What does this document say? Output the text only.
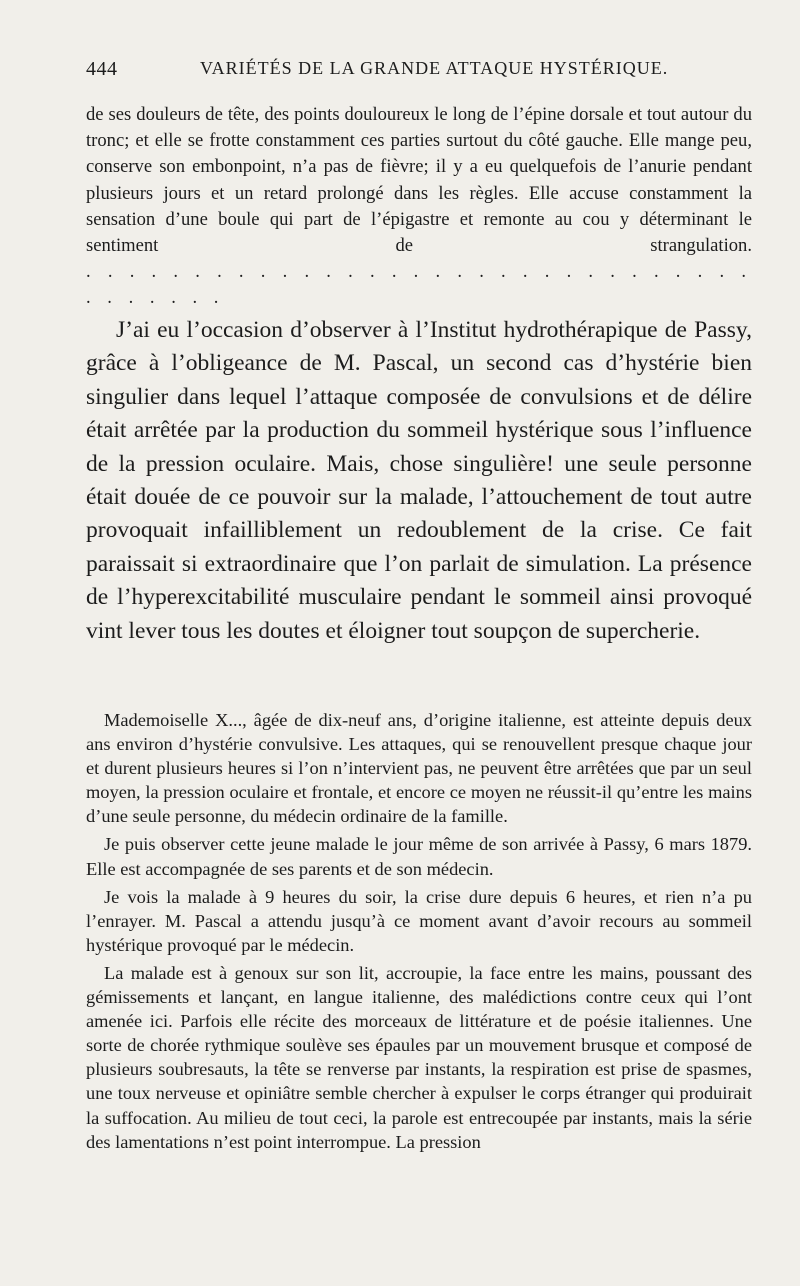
444	VARIÉTÉS DE LA GRANDE ATTAQUE HYSTÉRIQUE.

de ses douleurs de tête, des points douloureux le long de l’épine dorsale et tout autour du tronc; et elle se frotte constamment ces parties surtout du côté gauche. Elle mange peu, conserve son embonpoint, n’a pas de fièvre; il y a eu quelquefois de l’anurie pendant plusieurs jours et un retard prolongé dans les règles. Elle accuse constamment la sensation d’une boule qui part de l’épigastre et remonte au cou y déterminant le sentiment de strangulation. . . . . . . . . . . . . . . . . . . . . . . . . . . . . . . . . . . . . . .

J’ai eu l’occasion d’observer à l’Institut hydrothérapique de Passy, grâce à l’obligeance de M. Pascal, un second cas d’hystérie bien singulier dans lequel l’attaque composée de convulsions et de délire était arrêtée par la production du sommeil hystérique sous l’influence de la pression oculaire. Mais, chose singulière! une seule personne était douée de ce pouvoir sur la malade, l’attouchement de tout autre provoquait infailliblement un redoublement de la crise. Ce fait paraissait si extraordinaire que l’on parlait de simulation. La présence de l’hyperexcitabilité musculaire pendant le sommeil ainsi provoqué vint lever tous les doutes et éloigner tout soupçon de supercherie.

Mademoiselle X..., âgée de dix-neuf ans, d’origine italienne, est atteinte depuis deux ans environ d’hystérie convulsive. Les attaques, qui se renouvellent presque chaque jour et durent plusieurs heures si l’on n’intervient pas, ne peuvent être arrêtées que par un seul moyen, la pression oculaire et frontale, et encore ce moyen ne réussit-il qu’entre les mains d’une seule personne, du médecin ordinaire de la famille.

Je puis observer cette jeune malade le jour même de son arrivée à Passy, 6 mars 1879. Elle est accompagnée de ses parents et de son médecin.

Je vois la malade à 9 heures du soir, la crise dure depuis 6 heures, et rien n’a pu l’enrayer. M. Pascal a attendu jusqu’à ce moment avant d’avoir recours au sommeil hystérique provoqué par le médecin.

La malade est à genoux sur son lit, accroupie, la face entre les mains, poussant des gémissements et lançant, en langue italienne, des malédictions contre ceux qui l’ont amenée ici. Parfois elle récite des morceaux de littérature et de poésie italiennes. Une sorte de chorée rythmique soulève ses épaules par un mouvement brusque et composé de plusieurs soubresauts, la tête se renverse par instants, la respiration est prise de spasmes, une toux nerveuse et opiniâtre semble chercher à expulser le corps étranger qui produirait la suffocation. Au milieu de tout ceci, la parole est entrecoupée par instants, mais la série des lamentations n’est point interrompue. La pression
